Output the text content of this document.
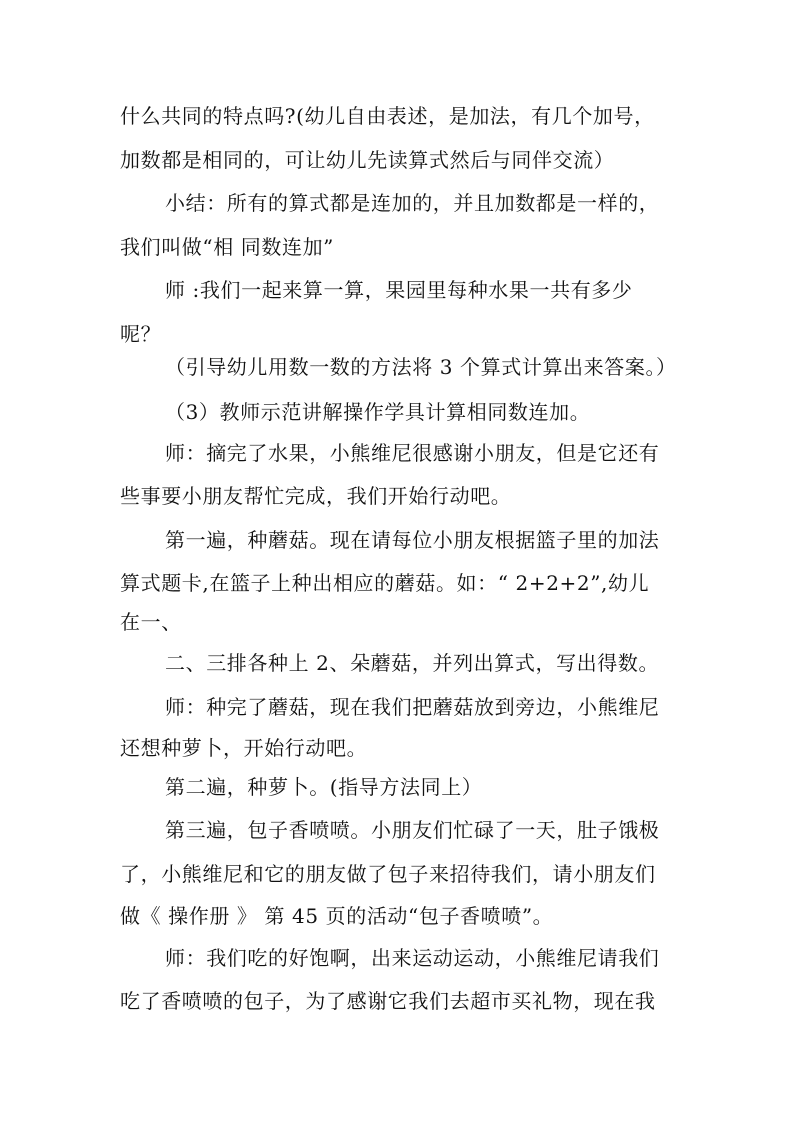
什么共同的特点吗?(幼儿自由表述，是加法，有几个加号，
加数都是相同的，可让幼儿先读算式然后与同伴交流）
小结：所有的算式都是连加的，并且加数都是一样的，
我们叫做“相 同数连加”
师 :我们一起来算一算，果园里每种水果一共有多少
呢？
（引导幼儿用数一数的方法将 3 个算式计算出来答案。）
（3）教师示范讲解操作学具计算相同数连加。
师：摘完了水果，小熊维尼很感谢小朋友，但是它还有
些事要小朋友帮忙完成，我们开始行动吧。
第一遍，种蘑菇。现在请每位小朋友根据篮子里的加法
算式题卡,在篮子上种出相应的蘑菇。如：“ 2+2+2”,幼儿
在一、
二、三排各种上 2、朵蘑菇，并列出算式，写出得数。
师：种完了蘑菇，现在我们把蘑菇放到旁边，小熊维尼
还想种萝卜，开始行动吧。
第二遍，种萝卜。(指导方法同上）
第三遍，包子香喷喷。小朋友们忙碌了一天，肚子饿极
了，小熊维尼和它的朋友做了包子来招待我们，请小朋友们
做《 操作册 》 第 45 页的活动“包子香喷喷”。
师：我们吃的好饱啊，出来运动运动，小熊维尼请我们
吃了香喷喷的包子，为了感谢它我们去超市买礼物，现在我
